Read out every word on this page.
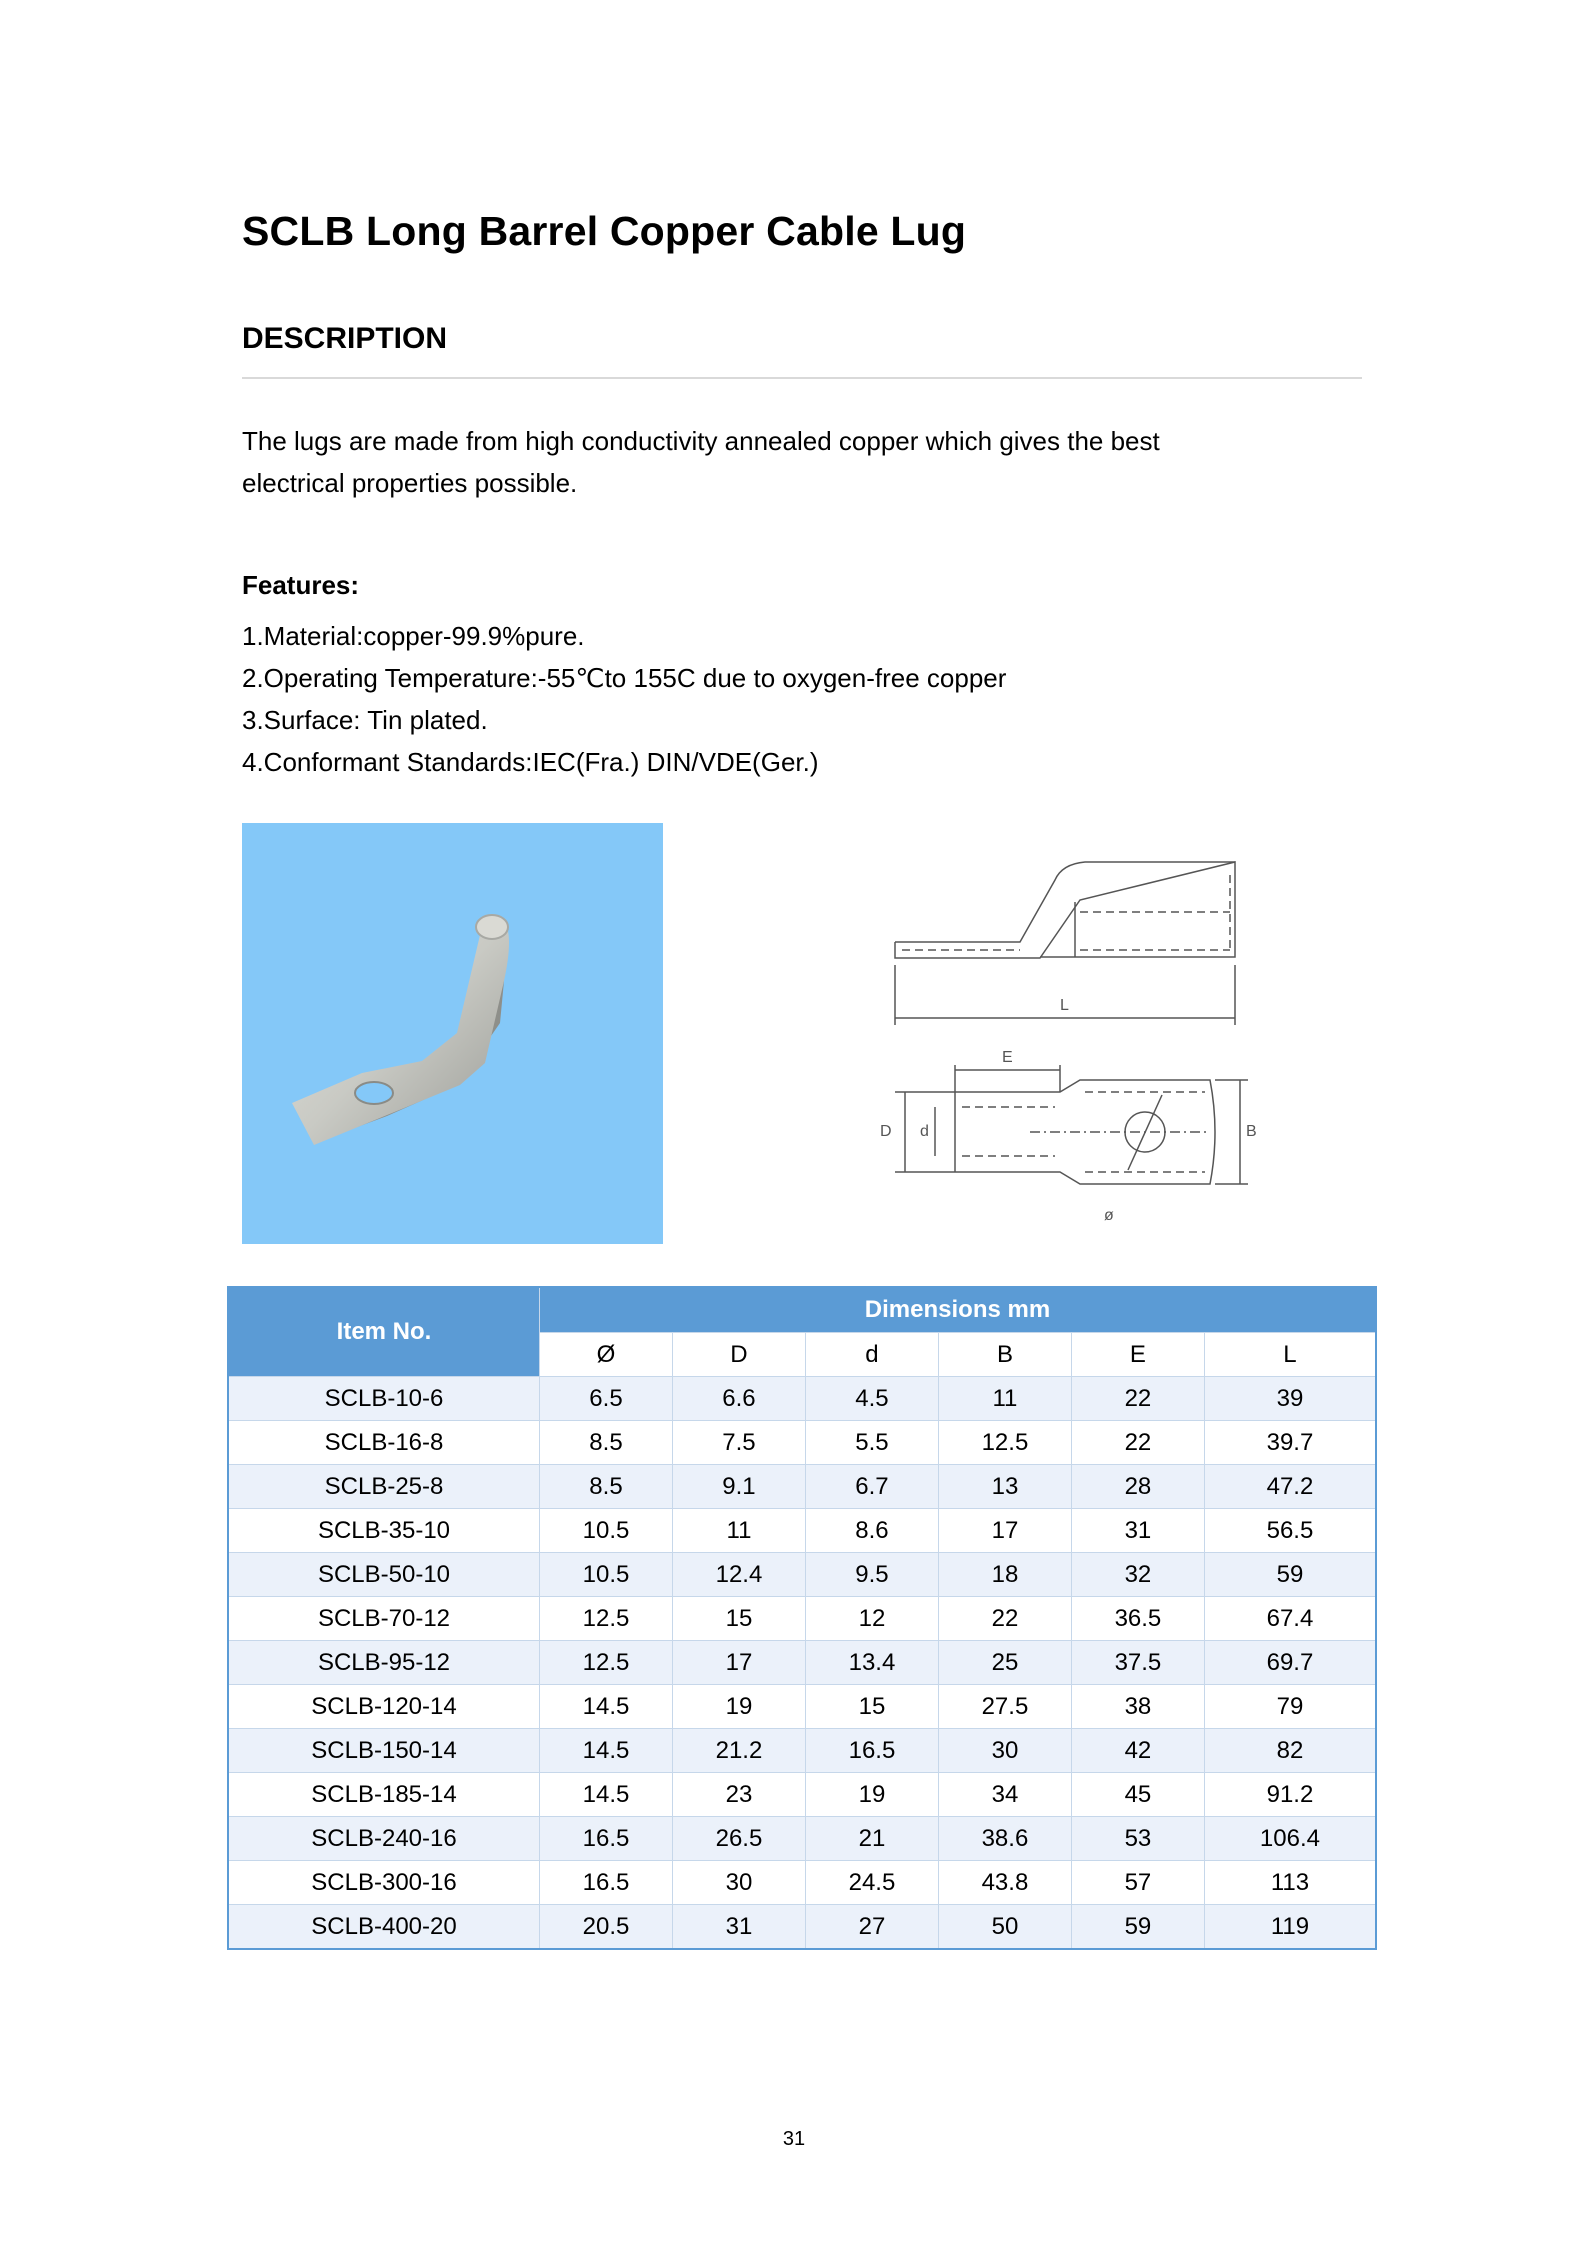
SCLB Long Barrel Copper Cable Lug
DESCRIPTION

The lugs are made from high conductivity annealed copper which gives the best electrical properties possible.

Features:
1.Material:copper-99.9%pure.
2.Operating Temperature:-55℃to 155C due to oxygen-free copper
3.Surface: Tin plated.
4.Conformant Standards:IEC(Fra.) DIN/VDE(Ger.)
L
E
D d	B
ø
Item No.	Dimensions mm					
	Ø	D	d	B	E	L
SCLB-10-6	6.5	6.6	4.5	11	22	39
SCLB-16-8	8.5	7.5	5.5	12.5	22	39.7
SCLB-25-8	8.5	9.1	6.7	13	28	47.2
SCLB-35-10	10.5	11	8.6	17	31	56.5
SCLB-50-10	10.5	12.4	9.5	18	32	59
SCLB-70-12	12.5	15	12	22	36.5	67.4
SCLB-95-12	12.5	17	13.4	25	37.5	69.7
SCLB-120-14	14.5	19	15	27.5	38	79
SCLB-150-14	14.5	21.2	16.5	30	42	82
SCLB-185-14	14.5	23	19	34	45	91.2
SCLB-240-16	16.5	26.5	21	38.6	53	106.4
SCLB-300-16	16.5	30	24.5	43.8	57	113
SCLB-400-20	20.5	31	27	50	59	119

31
